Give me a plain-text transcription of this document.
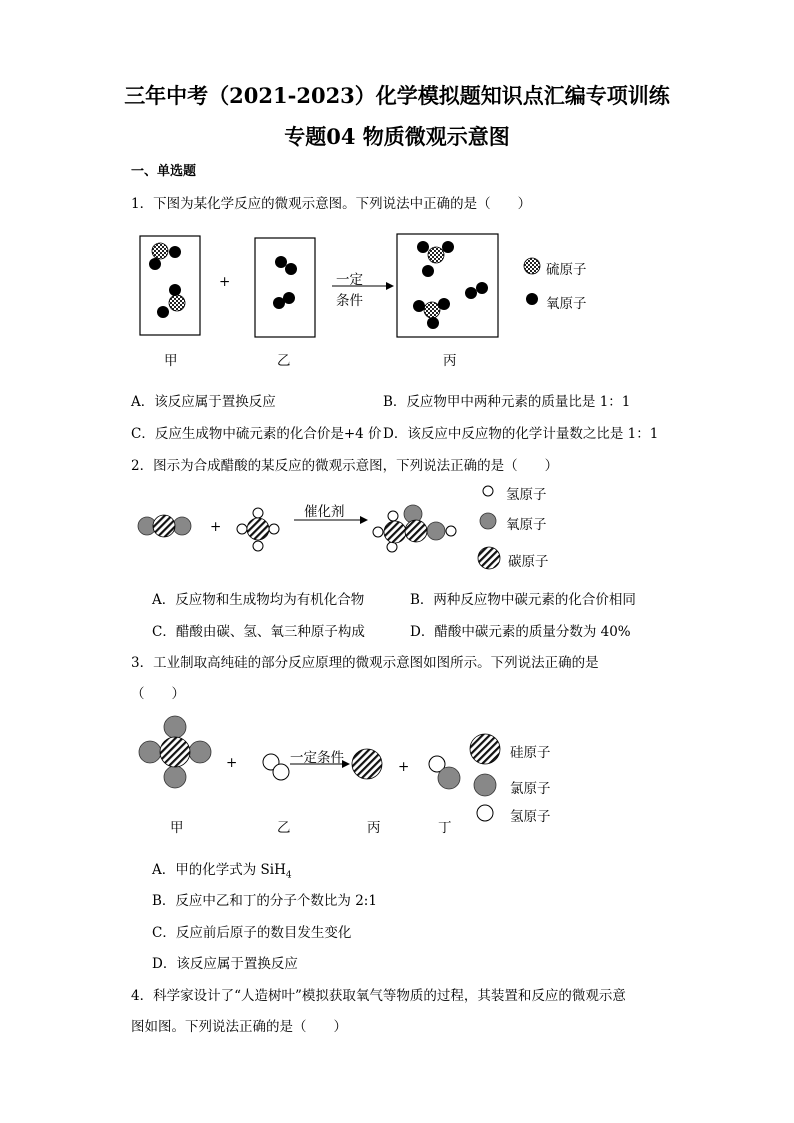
三年中考（2021-2023）化学模拟题知识点汇编专项训练
专题04 物质微观示意图
一、单选题
1．下图为某化学反应的微观示意图。下列说法中正确的是（　　）
+	一定
条件
硫原子
氧原子
甲	乙	丙
A．该反应属于置换反应	B．反应物甲中两种元素的质量比是 1：1
C．反应生成物中硫元素的化合价是+4 价 D．该反应中反应物的化学计量数之比是 1：1
2．图示为合成醋酸的某反应的微观示意图，下列说法正确的是（　　）
+
催化剂
氢原子
氧原子
碳原子
A．反应物和生成物均为有机化合物	B．两种反应物中碳元素的化合价相同
C．醋酸由碳、氢、氧三种原子构成	D．醋酸中碳元素的质量分数为 40%
3．工业制取高纯硅的部分反应原理的微观示意图如图所示。下列说法正确的是
（　　）
+	一定条件
+
硅原子
氯原子
氢原子
甲	乙	丙	丁
A．甲的化学式为 SiH$_4$
B．反应中乙和丁的分子个数比为 2:1
C．反应前后原子的数目发生变化
D．该反应属于置换反应
4．科学家设计了“人造树叶”模拟获取氧气等物质的过程，其装置和反应的微观示意
图如图。下列说法正确的是（　　）
